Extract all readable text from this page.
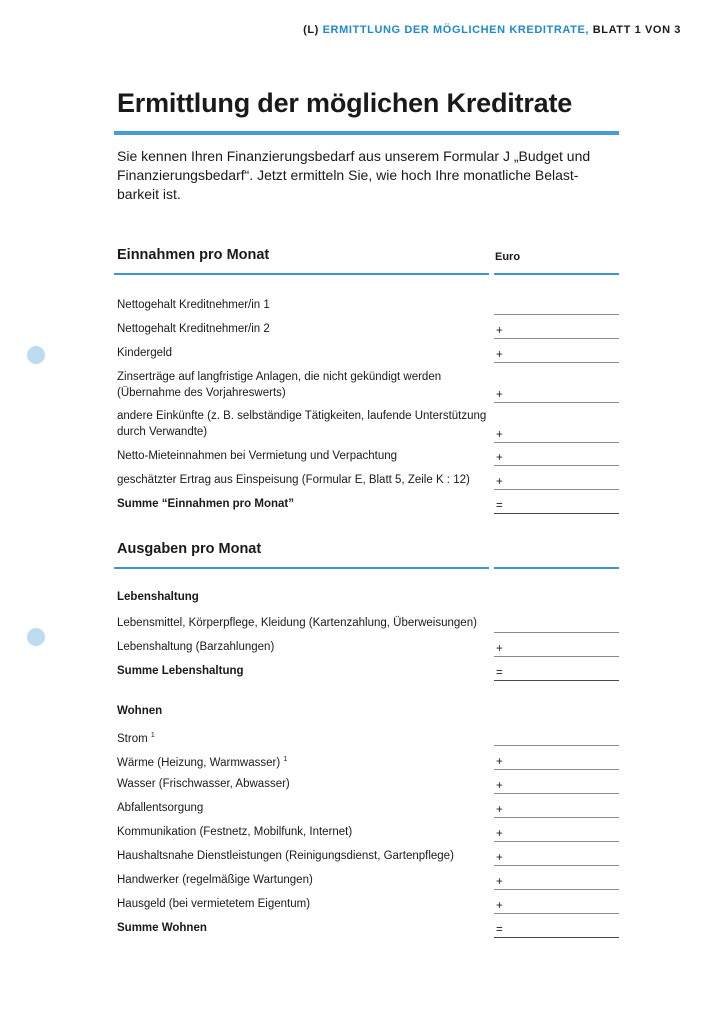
(L) ERMITTLUNG DER MÖGLICHEN KREDITRATE, BLATT 1 VON 3
Ermittlung der möglichen Kreditrate
Sie kennen Ihren Finanzierungsbedarf aus unserem Formular J „Budget und Finanzierungsbedarf“. Jetzt ermitteln Sie, wie hoch Ihre monatliche Belast-barkeit ist.
Einnahmen pro Monat	Euro
Nettogehalt Kreditnehmer/in 1
Nettogehalt Kreditnehmer/in 2	+
Kindergeld	+
Zinserträge auf langfristige Anlagen, die nicht gekündigt werden (Übernahme des Vorjahreswerts)	+
andere Einkünfte (z. B. selbständige Tätigkeiten, laufende Unterstützung durch Verwandte)	+
Netto-Mieteinnahmen bei Vermietung und Verpachtung	+
geschätzter Ertrag aus Einspeisung (Formular E, Blatt 5, Zeile K : 12)	+
Summe “Einnahmen pro Monat”	=
Ausgaben pro Monat
Lebenshaltung
Lebensmittel, Körperpflege, Kleidung (Kartenzahlung, Überweisungen)
Lebenshaltung (Barzahlungen)	+
Summe Lebenshaltung	=
Wohnen
Strom $^1$
Wärme (Heizung, Warmwasser) $^1$	+
Wasser (Frischwasser, Abwasser)	+
Abfallentsorgung	+
Kommunikation (Festnetz, Mobilfunk, Internet)	+
Haushaltsnahe Dienstleistungen (Reinigungsdienst, Gartenpflege)	+
Handwerker (regelmäßige Wartungen)	+
Hausgeld (bei vermietetem Eigentum)	+
Summe Wohnen	=
